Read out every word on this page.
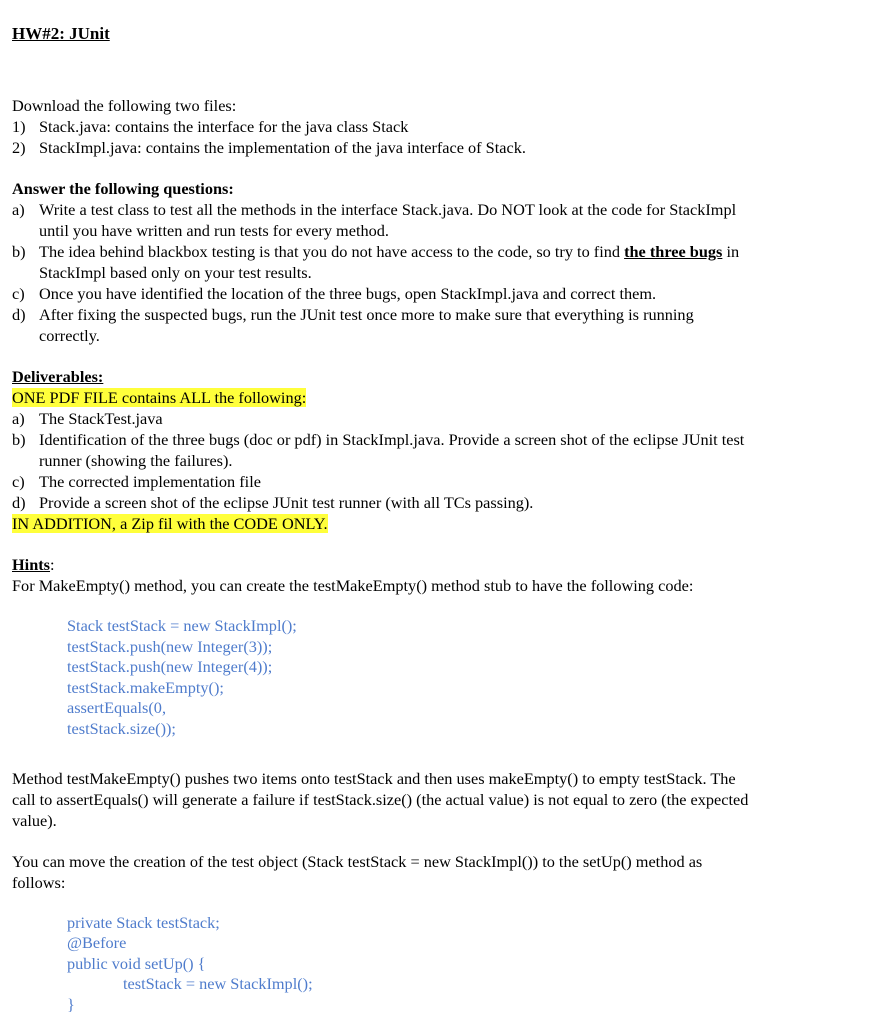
HW#2: JUnit

Download the following two files:

1) Stack.java: contains the interface for the java class Stack
2) StackImpl.java: contains the implementation of the java interface of Stack.

Answer the following questions:

a) Write a test class to test all the methods in the interface Stack.java. Do NOT look at the code for StackImpl
until you have written and run tests for every method.
b) The idea behind blackbox testing is that you do not have access to the code, so try to find the three bugs in
StackImpl based only on your test results.
c) Once you have identified the location of the three bugs, open StackImpl.java and correct them.
d) After fixing the suspected bugs, run the JUnit test once more to make sure that everything is running
correctly.

Deliverables:

ONE PDF FILE contains ALL the following:

a) The StackTest.java
b) Identification of the three bugs (doc or pdf) in StackImpl.java. Provide a screen shot of the eclipse JUnit test
runner (showing the failures).
c) The corrected implementation file
d) Provide a screen shot of the eclipse JUnit test runner (with all TCs passing).

IN ADDITION, a Zip fil with the CODE ONLY.

Hints:

For MakeEmpty() method, you can create the testMakeEmpty() method stub to have the following code:

Stack testStack = new StackImpl();

testStack.push(new Integer(3));

testStack.push(new Integer(4));

testStack.makeEmpty();

assertEquals(0,

testStack.size());

Method testMakeEmpty() pushes two items onto testStack and then uses makeEmpty() to empty testStack. The

call to assertEquals() will generate a failure if testStack.size() (the actual value) is not equal to zero (the expected

value).

You can move the creation of the test object (Stack testStack = new StackImpl()) to the setUp() method as

follows:

private Stack testStack;

@Before

public void setUp() {

testStack = new StackImpl();

}
